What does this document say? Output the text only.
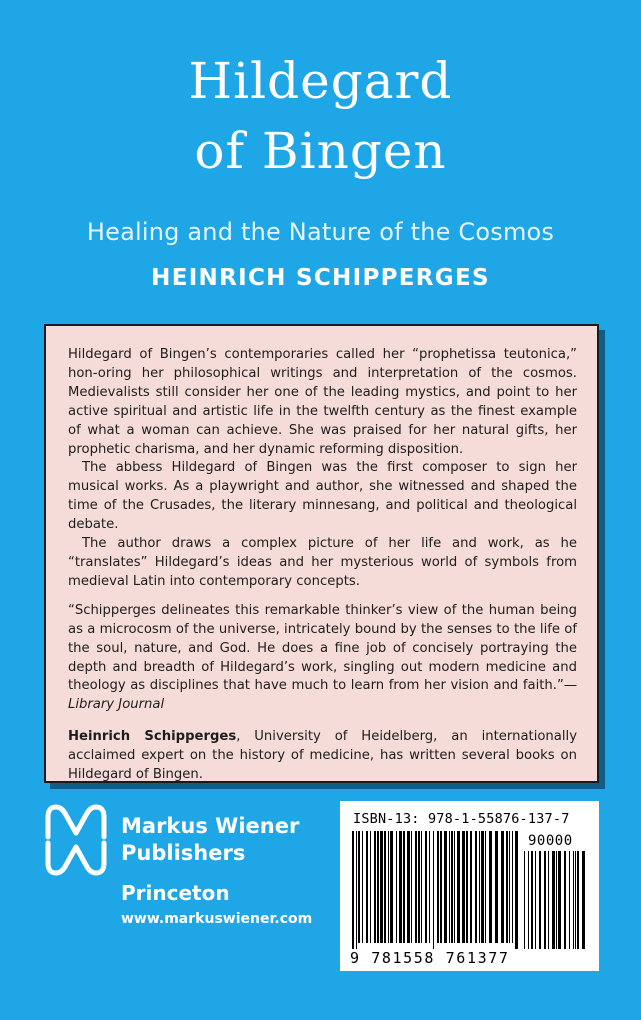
Hildegard
of Bingen
Healing and the Nature of the Cosmos
HEINRICH SCHIPPERGES

Hildegard of Bingen’s contemporaries called her “prophetissa teutonica,” hon-oring her philosophical writings and interpretation of the cosmos. Medievalists still consider her one of the leading mystics, and point to her active spiritual and artistic life in the twelfth century as the finest example of what a woman can achieve. She was praised for her natural gifts, her prophetic charisma, and her dynamic reforming disposition.

The abbess Hildegard of Bingen was the first composer to sign her musical works. As a playwright and author, she witnessed and shaped the time of the Crusades, the literary minnesang, and political and theological debate.

The author draws a complex picture of her life and work, as he “translates” Hildegard’s ideas and her mysterious world of symbols from medieval Latin into contemporary concepts.

“Schipperges delineates this remarkable thinker’s view of the human being as a microcosm of the universe, intricately bound by the senses to the life of the soul, nature, and God. He does a fine job of concisely portraying the depth and breadth of Hildegard’s work, singling out modern medicine and theology as disciplines that have much to learn from her vision and faith.”—Library Journal

Heinrich Schipperges, University of Heidelberg, an internationally acclaimed expert on the history of medicine, has written several books on Hildegard of Bingen.

Markus Wiener
Publishers
Princeton
www.markuswiener.com
ISBN-13: 978-1-55876-137-7
90000
9 781558 761377
